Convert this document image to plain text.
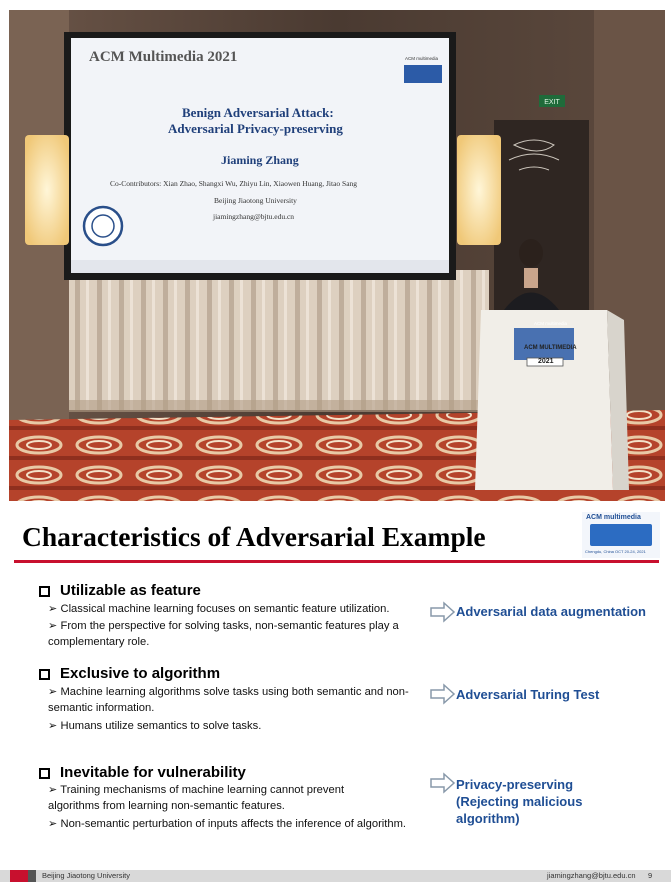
EXIT
ACM Multimedia 2021	ACM multimedia
Benign Adversarial Attack:
Adversarial Privacy-preserving
Jiaming Zhang
Co-Contributors: Xian Zhao, Shangxi Wu, Zhiyu Lin, Xiaowen Huang, Jitao Sang
Beijing Jiaotong University
jiamingzhang@bjtu.edu.cn
ACM multimedia
ACM MULTIMEDIA
2021
Characteristics of Adversarial Example
ACM multimedia
Chengdu, China OCT 20-24, 2021
Utilizable as feature
➢ Classical machine learning focuses on semantic feature utilization.
➢ From the perspective for solving tasks, non-semantic features play a complementary role.
Adversarial data augmentation
Exclusive to algorithm
➢ Machine learning algorithms solve tasks using both semantic and non-semantic information.
➢ Humans utilize semantics to solve tasks.
Adversarial Turing Test
Inevitable for vulnerability
➢ Training mechanisms of machine learning cannot prevent algorithms from learning non-semantic features.
➢ Non-semantic perturbation of inputs affects the inference of algorithm.
Privacy-preserving
(Rejecting malicious
algorithm)
Beijing Jiaotong University	jiamingzhang@bjtu.edu.cn 9
